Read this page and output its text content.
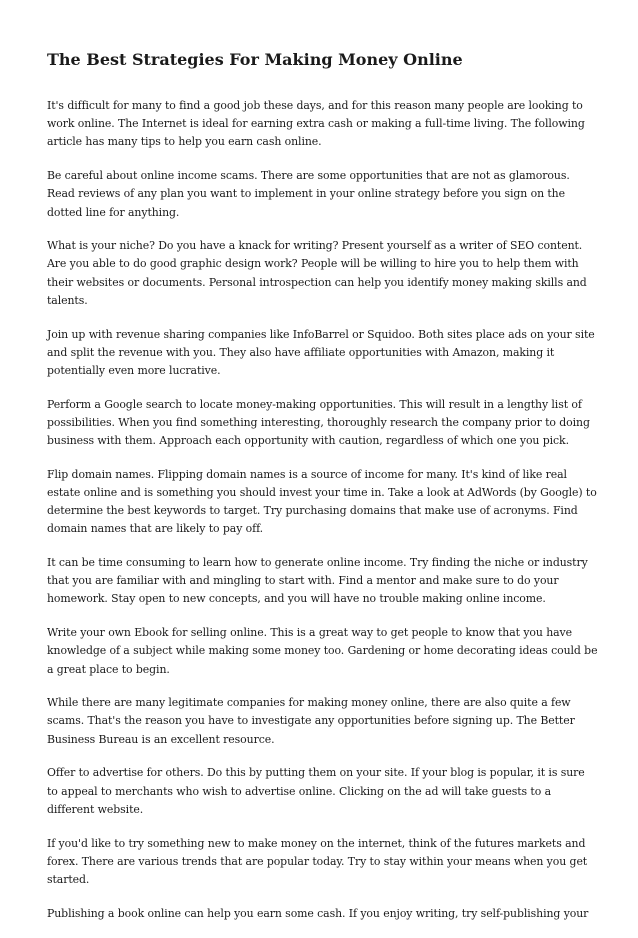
The Best Strategies For Making Money Online

It's difficult for many to find a good job these days, and for this reason many people are looking to
work online. The Internet is ideal for earning extra cash or making a full-time living. The following
article has many tips to help you earn cash online.

Be careful about online income scams. There are some opportunities that are not as glamorous.
Read reviews of any plan you want to implement in your online strategy before you sign on the
dotted line for anything.

What is your niche? Do you have a knack for writing? Present yourself as a writer of SEO content.
Are you able to do good graphic design work? People will be willing to hire you to help them with
their websites or documents. Personal introspection can help you identify money making skills and
talents.

Join up with revenue sharing companies like InfoBarrel or Squidoo. Both sites place ads on your site
and split the revenue with you. They also have affiliate opportunities with Amazon, making it
potentially even more lucrative.

Perform a Google search to locate money-making opportunities. This will result in a lengthy list of
possibilities. When you find something interesting, thoroughly research the company prior to doing
business with them. Approach each opportunity with caution, regardless of which one you pick.

Flip domain names. Flipping domain names is a source of income for many. It's kind of like real
estate online and is something you should invest your time in. Take a look at AdWords (by Google) to
determine the best keywords to target. Try purchasing domains that make use of acronyms. Find
domain names that are likely to pay off.

It can be time consuming to learn how to generate online income. Try finding the niche or industry
that you are familiar with and mingling to start with. Find a mentor and make sure to do your
homework. Stay open to new concepts, and you will have no trouble making online income.

Write your own Ebook for selling online. This is a great way to get people to know that you have
knowledge of a subject while making some money too. Gardening or home decorating ideas could be
a great place to begin.

While there are many legitimate companies for making money online, there are also quite a few
scams. That's the reason you have to investigate any opportunities before signing up. The Better
Business Bureau is an excellent resource.

Offer to advertise for others. Do this by putting them on your site. If your blog is popular, it is sure
to appeal to merchants who wish to advertise online. Clicking on the ad will take guests to a
different website.

If you'd like to try something new to make money on the internet, think of the futures markets and
forex. There are various trends that are popular today. Try to stay within your means when you get
started.

Publishing a book online can help you earn some cash. If you enjoy writing, try self-publishing your
